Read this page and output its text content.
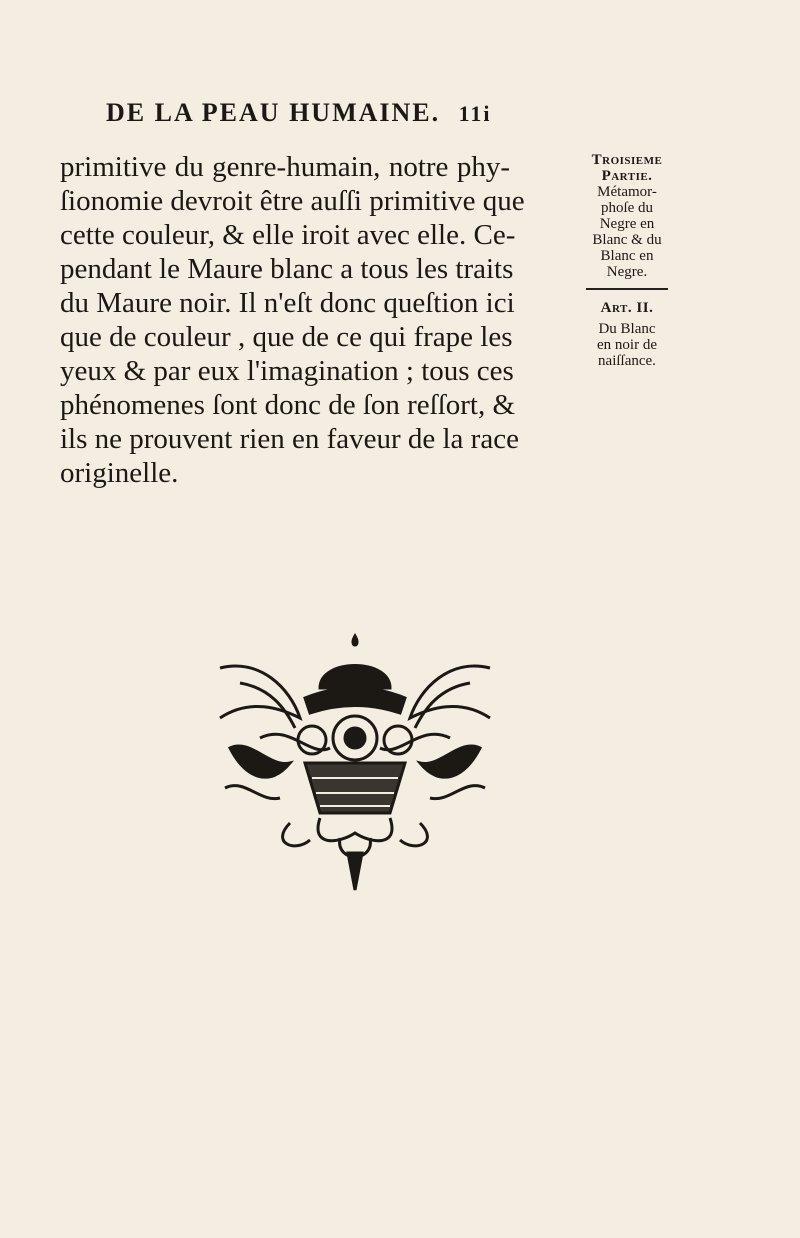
DE LA PEAU HUMAINE. 11i
primitive du genre-humain, notre phy-
ſionomie devroit être auſſi primitive que
cette couleur, & elle iroit avec elle. Ce-
pendant le Maure blanc a tous les traits
du Maure noir. Il n'eſt donc queſtion ici
que de couleur , que de ce qui frape les
yeux & par eux l'imagination ; tous ces
phénomenes ſont donc de ſon reſſort, &
ils ne prouvent rien en faveur de la race
originelle.
Troisieme
Partie.
Métamor-
phoſe du
Negre en
Blanc & du
Blanc en
Negre.
Art. II.
Du Blanc
en noir de
naiſſance.
